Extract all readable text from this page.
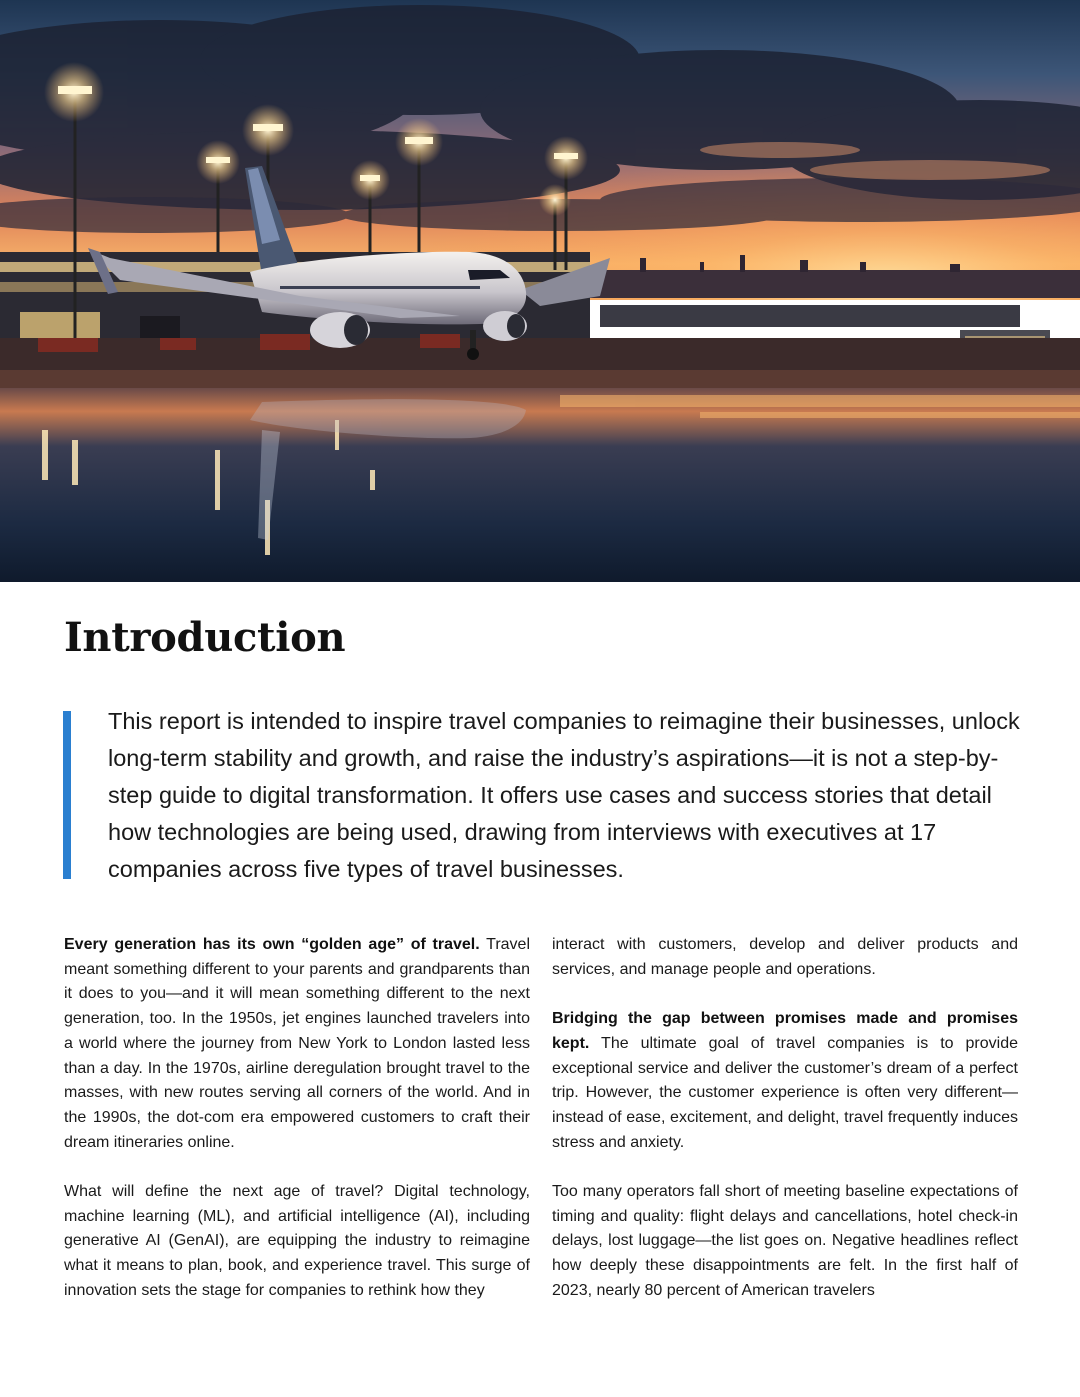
Introduction

This report is intended to inspire travel companies to reimagine their businesses, unlock long-term stability and growth, and raise the industry’s aspirations—it is not a step-by-step guide to digital transformation. It offers use cases and success stories that detail how technologies are being used, drawing from interviews with executives at 17 companies across five types of travel businesses.

Every generation has its own “golden age” of travel. Travel meant something different to your parents and grandparents than it does to you—and it will mean something different to the next generation, too. In the 1950s, jet engines launched travelers into a world where the journey from New York to London lasted less than a day. In the 1970s, airline deregulation brought travel to the masses, with new routes serving all corners of the world. And in the 1990s, the dot-com era empowered customers to craft their dream itineraries online.

What will define the next age of travel? Digital technology, machine learning (ML), and artificial intelligence (AI), including generative AI (GenAI), are equipping the industry to reimagine what it means to plan, book, and experience travel. This surge of innovation sets the stage for companies to rethink how they

interact with customers, develop and deliver products and services, and manage people and operations.

Bridging the gap between promises made and promises kept. The ultimate goal of travel companies is to provide exceptional service and deliver the customer’s dream of a perfect trip. However, the customer experience is often very different—instead of ease, excitement, and delight, travel frequently induces stress and anxiety.

Too many operators fall short of meeting baseline expectations of timing and quality: flight delays and cancellations, hotel check-in delays, lost luggage—the list goes on. Negative headlines reflect how deeply these disappointments are felt. In the first half of 2023, nearly 80 percent of American travelers
